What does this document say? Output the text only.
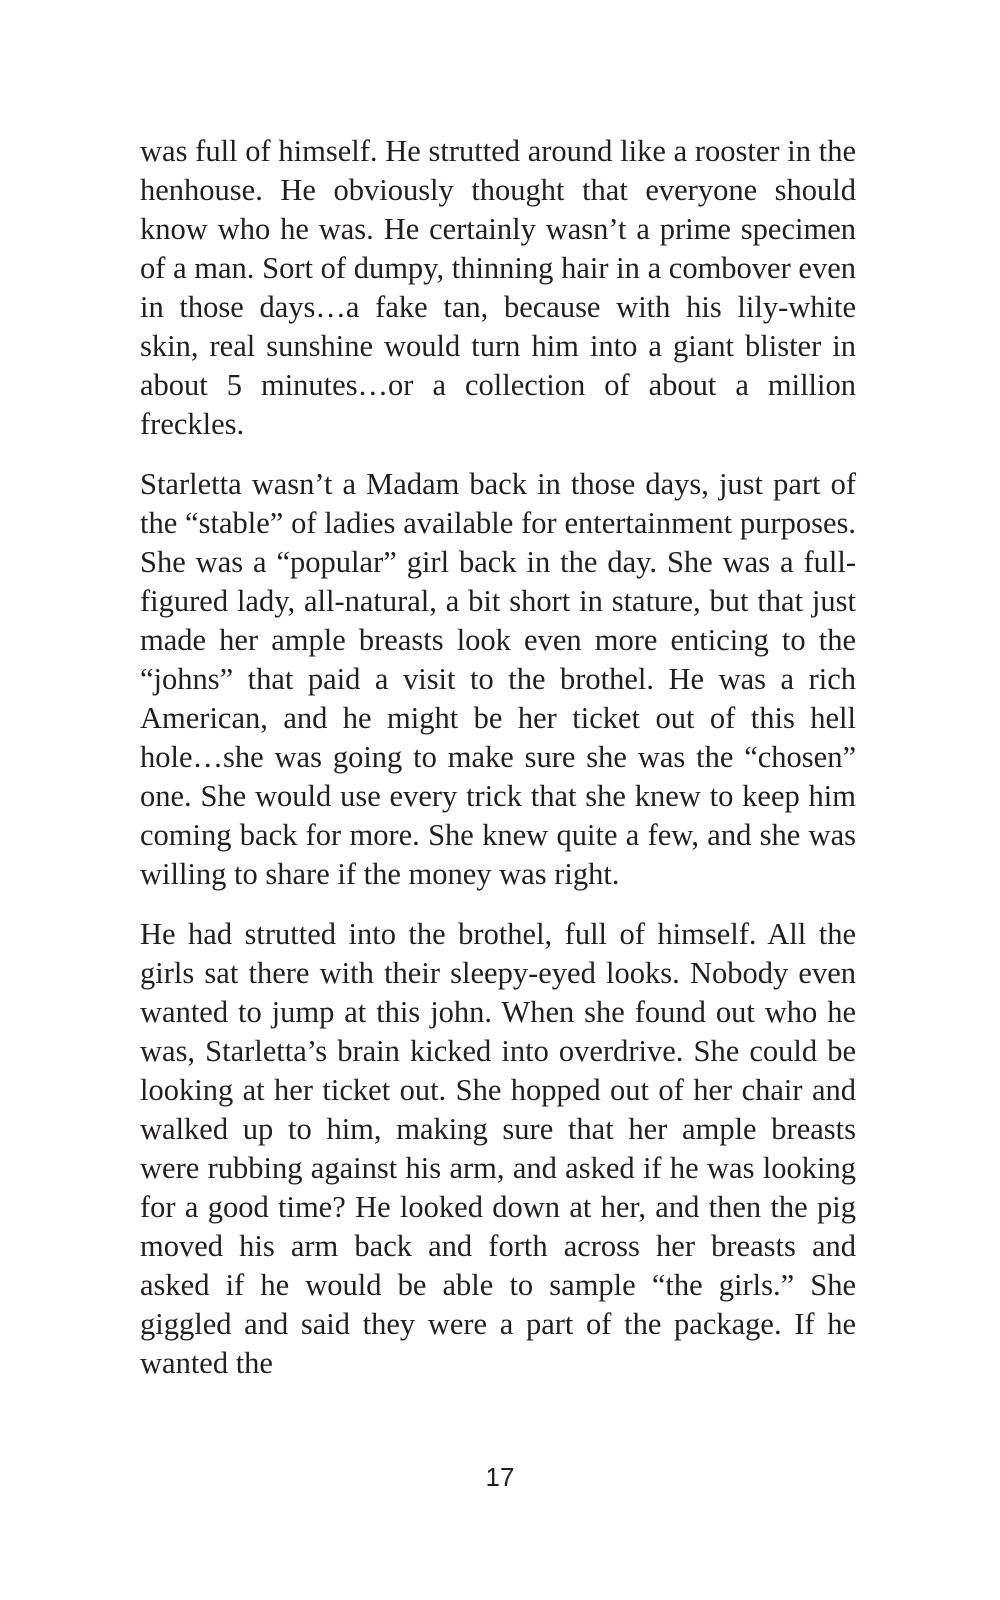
was full of himself. He strutted around like a rooster in the henhouse. He obviously thought that everyone should know who he was. He certainly wasn’t a prime specimen of a man. Sort of dumpy, thinning hair in a combover even in those days…a fake tan, because with his lily-white skin, real sunshine would turn him into a giant blister in about 5 minutes…or a collection of about a million freckles.

Starletta wasn’t a Madam back in those days, just part of the “stable” of ladies available for entertainment purposes. She was a “popular” girl back in the day. She was a full-figured lady, all-natural, a bit short in stature, but that just made her ample breasts look even more enticing to the “johns” that paid a visit to the brothel. He was a rich American, and he might be her ticket out of this hell hole…she was going to make sure she was the “chosen” one. She would use every trick that she knew to keep him coming back for more. She knew quite a few, and she was willing to share if the money was right.

He had strutted into the brothel, full of himself. All the girls sat there with their sleepy-eyed looks. Nobody even wanted to jump at this john. When she found out who he was, Starletta’s brain kicked into overdrive. She could be looking at her ticket out. She hopped out of her chair and walked up to him, making sure that her ample breasts were rubbing against his arm, and asked if he was looking for a good time? He looked down at her, and then the pig moved his arm back and forth across her breasts and asked if he would be able to sample “the girls.” She giggled and said they were a part of the package. If he wanted the

17
